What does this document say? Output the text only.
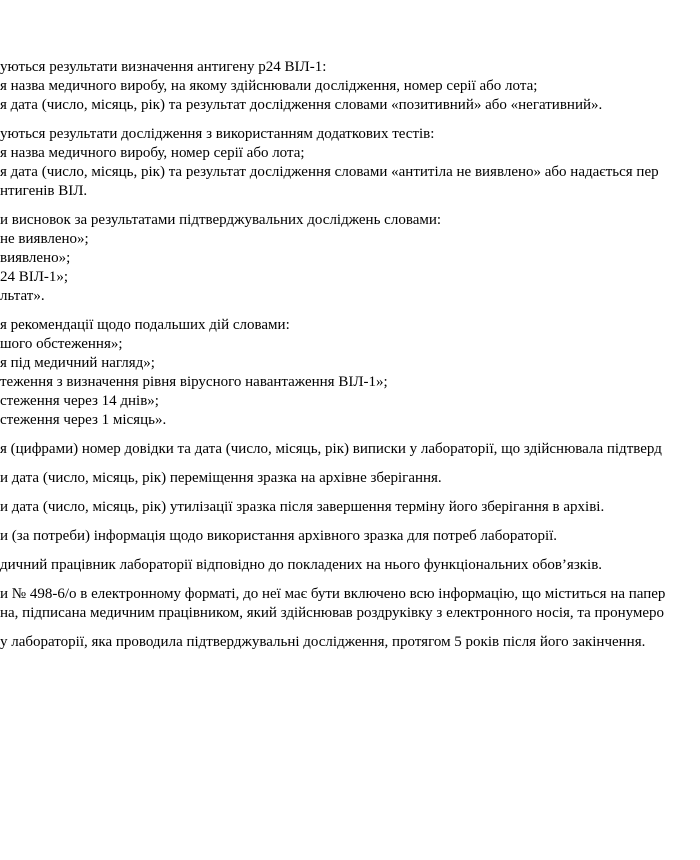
уються результати визначення антигену р24 ВІЛ-1:
я назва медичного виробу, на якому здійснювали дослідження, номер серії або лота;
я дата (число, місяць, рік) та результат дослідження словами «позитивний» або «негативний».
уються результати дослідження з використанням додаткових тестів:
я назва медичного виробу, номер серії або лота;
я дата (число, місяць, рік) та результат дослідження словами «антитіла не виявлено» або надається пер
нтигенів ВІЛ.
и висновок за результатами підтверджувальних досліджень словами:
не виявлено»;
виявлено»;
24 ВІЛ-1»;
льтат».
я рекомендації щодо подальших дій словами:
шого обстеження»;
я під медичний нагляд»;
теження з визначення рівня вірусного навантаження ВІЛ-1»;
стеження через 14 днів»;
стеження через 1 місяць».
я (цифрами) номер довідки та дата (число, місяць, рік) виписки у лабораторії, що здійснювала підтверд
и дата (число, місяць, рік) переміщення зразка на архівне зберігання.
и дата (число, місяць, рік) утилізації зразка після завершення терміну його зберігання в архіві.
и (за потреби) інформація щодо використання архівного зразка для потреб лабораторії.
дичний працівник лабораторії відповідно до покладених на нього функціональних обов’язків.
и № 498-6/о в електронному форматі, до неї має бути включено всю інформацію, що міститься на папер
на, підписана медичним працівником, який здійснював роздруківку з електронного носія, та пронумеро
у лабораторії, яка проводила підтверджувальні дослідження, протягом 5 років після його закінчення.
